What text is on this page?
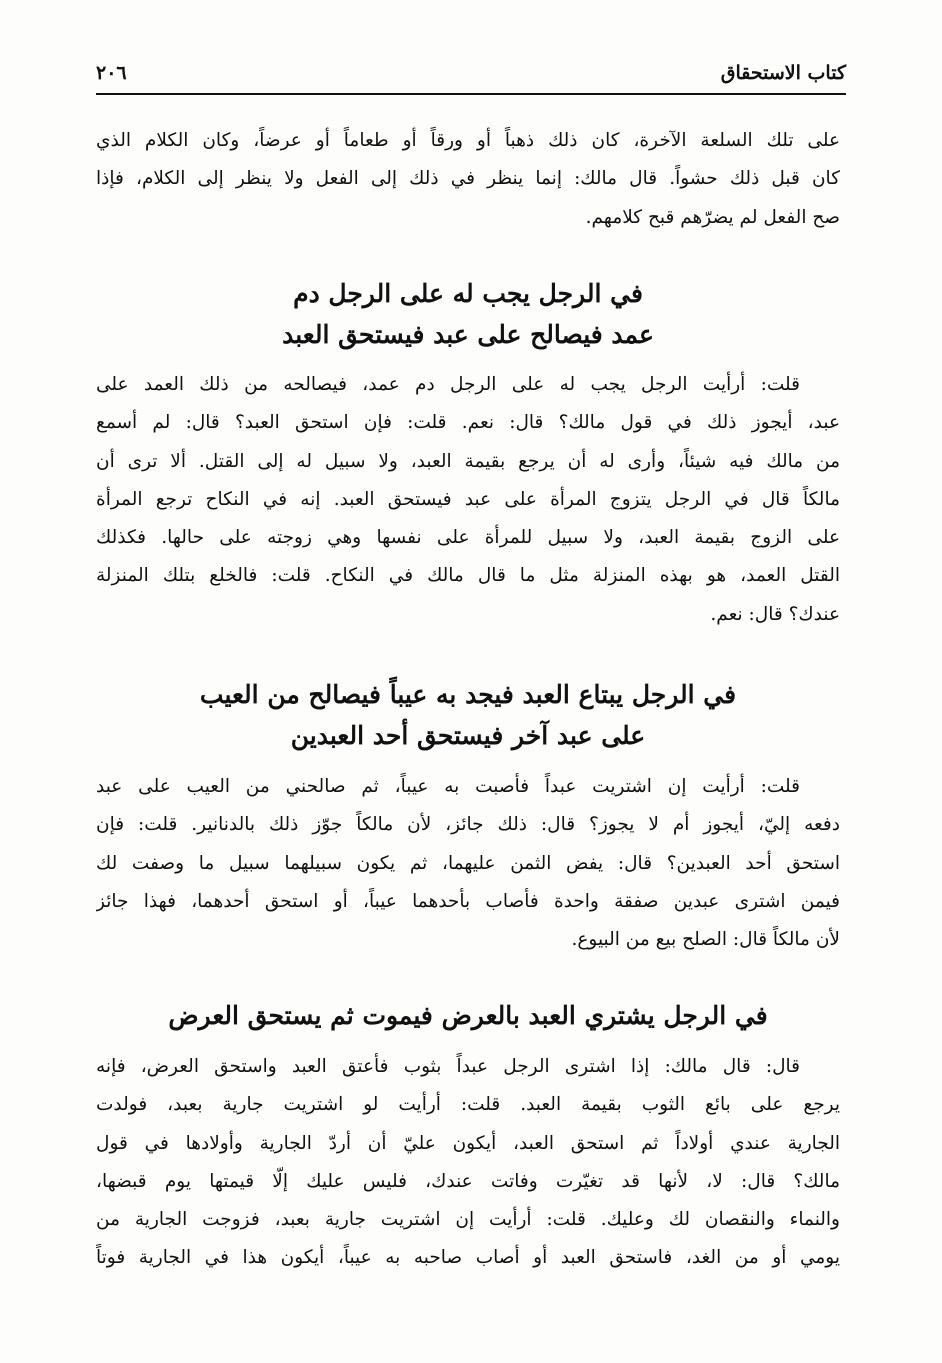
كتاب الاستحقاق
٢٠٦
على تلك السلعة الآخرة، كان ذلك ذهباً أو ورقاً أو طعاماً أو عرضاً، وكان الكلام الذي
كان قبل ذلك حشواً. قال مالك: إنما ينظر في ذلك إلى الفعل ولا ينظر إلى الكلام، فإذا
صح الفعل لم يضرّهم قبح كلامهم.
في الرجل يجب له على الرجل دم
عمد فيصالح على عبد فيستحق العبد
قلت: أرأيت الرجل يجب له على الرجل دم عمد، فيصالحه من ذلك العمد على
عبد، أيجوز ذلك في قول مالك؟ قال: نعم. قلت: فإن استحق العبد؟ قال: لم أسمع
من مالك فيه شيئاً، وأرى له أن يرجع بقيمة العبد، ولا سبيل له إلى القتل. ألا ترى أن
مالكاً قال في الرجل يتزوج المرأة على عبد فيستحق العبد. إنه في النكاح ترجع المرأة
على الزوج بقيمة العبد، ولا سبيل للمرأة على نفسها وهي زوجته على حالها. فكذلك
القتل العمد، هو بهذه المنزلة مثل ما قال مالك في النكاح. قلت: فالخلع بتلك المنزلة
عندك؟ قال: نعم.
في الرجل يبتاع العبد فيجد به عيباً فيصالح من العيب
على عبد آخر فيستحق أحد العبدين
قلت: أرأيت إن اشتريت عبداً فأصبت به عيباً، ثم صالحني من العيب على عبد
دفعه إليّ، أيجوز أم لا يجوز؟ قال: ذلك جائز، لأن مالكاً جوّز ذلك بالدنانير. قلت: فإن
استحق أحد العبدين؟ قال: يفض الثمن عليهما، ثم يكون سبيلهما سبيل ما وصفت لك
فيمن اشترى عبدين صفقة واحدة فأصاب بأحدهما عيباً، أو استحق أحدهما، فهذا جائز
لأن مالكاً قال: الصلح بيع من البيوع.
في الرجل يشتري العبد بالعرض فيموت ثم يستحق العرض
قال: قال مالك: إذا اشترى الرجل عبداً بثوب فأعتق العبد واستحق العرض، فإنه
يرجع على بائع الثوب بقيمة العبد. قلت: أرأيت لو اشتريت جارية بعبد، فولدت
الجارية عندي أولاداً ثم استحق العبد، أيكون عليّ أن أردّ الجارية وأولادها في قول
مالك؟ قال: لا، لأنها قد تغيّرت وفاتت عندك، فليس عليك إلّا قيمتها يوم قبضها،
والنماء والنقصان لك وعليك. قلت: أرأيت إن اشتريت جارية بعبد، فزوجت الجارية من
يومي أو من الغد، فاستحق العبد أو أصاب صاحبه به عيباً، أيكون هذا في الجارية فوتاً
